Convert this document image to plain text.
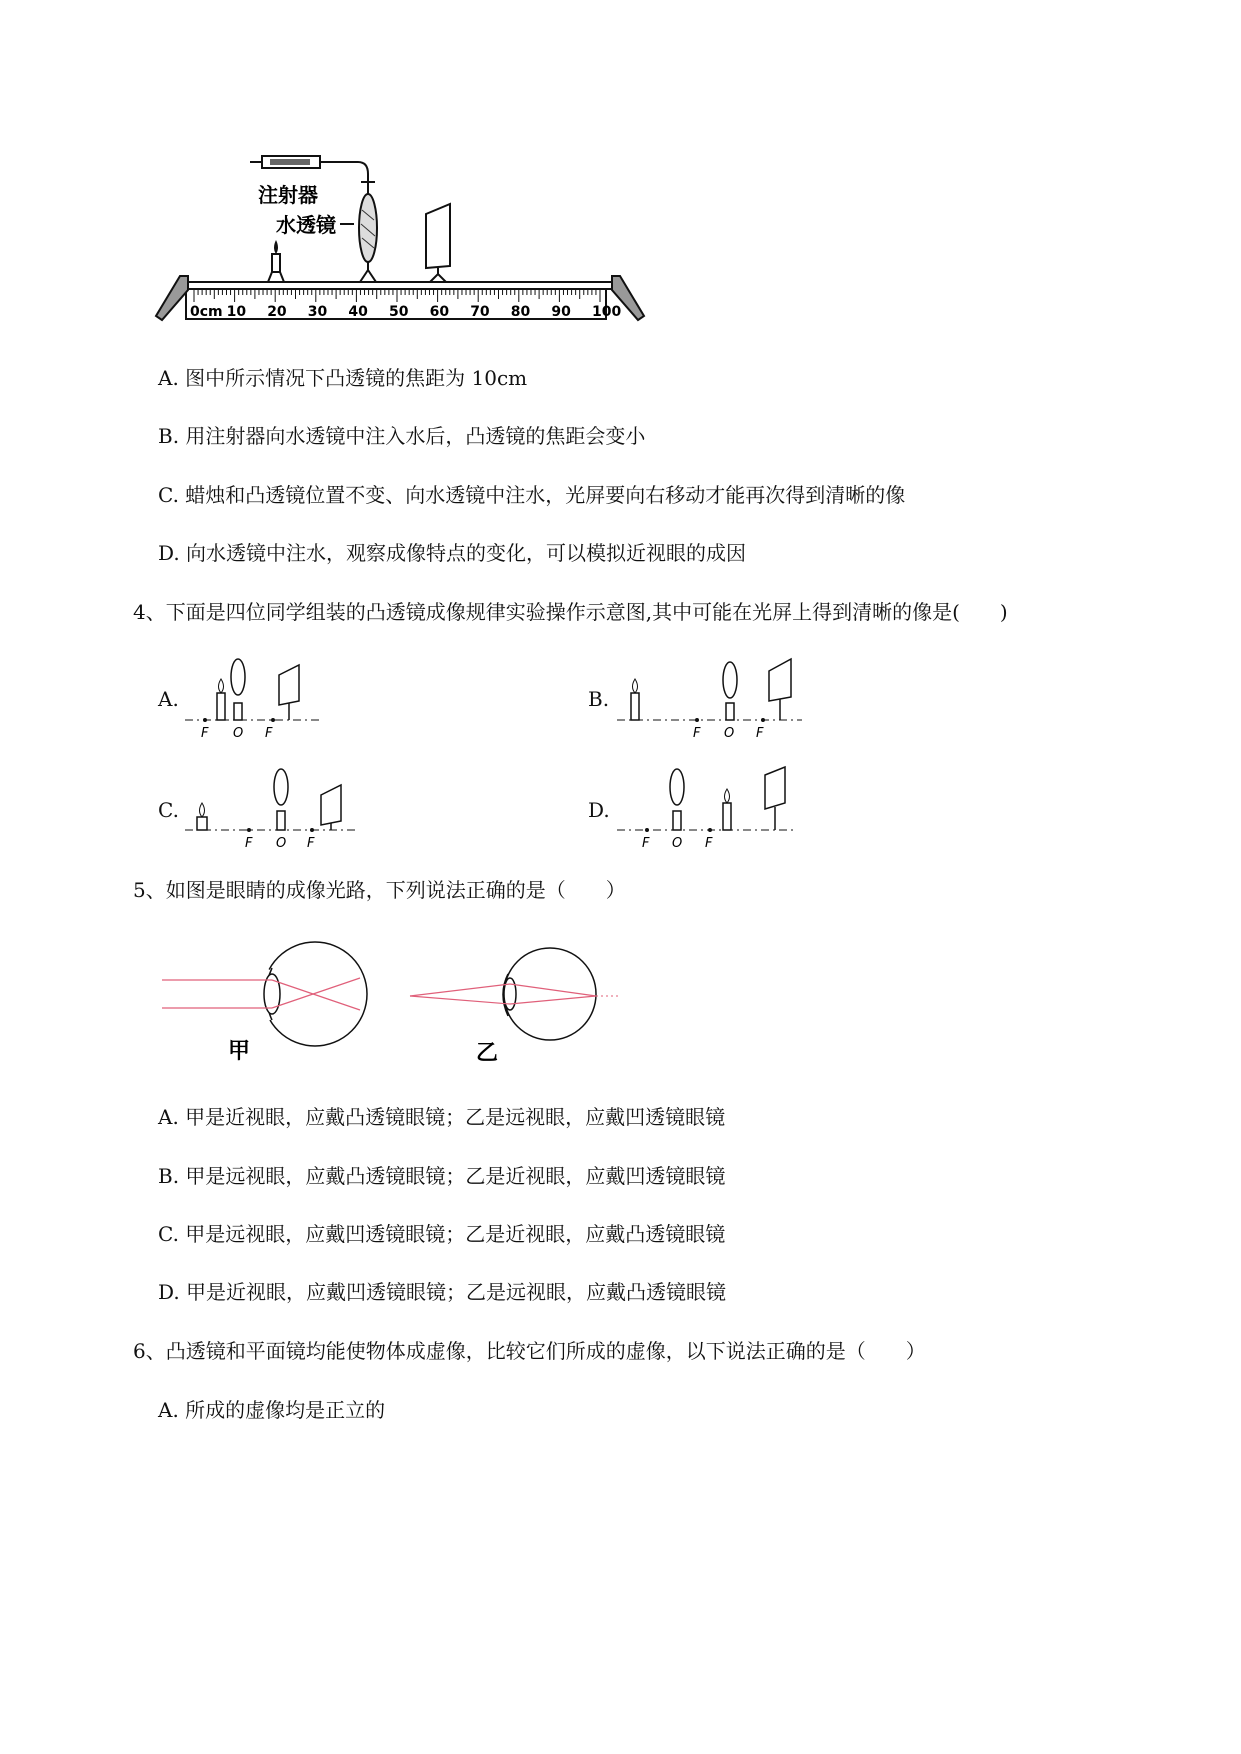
注射器
水透镜
0cm 10 20 30 40 50 60 70 80 90 100
A. 图中所示情况下凸透镜的焦距为 10cm
B. 用注射器向水透镜中注入水后，凸透镜的焦距会变小
C. 蜡烛和凸透镜位置不变、向水透镜中注水，光屏要向右移动才能再次得到清晰的像
D. 向水透镜中注水，观察成像特点的变化，可以模拟近视眼的成因
4、下面是四位同学组装的凸透镜成像规律实验操作示意图,其中可能在光屏上得到清晰的像是(　　)
A.
F O F
B.
F O F
C.
F O F
D.
F O F
5、如图是眼睛的成像光路，下列说法正确的是（　　）
甲	乙
A. 甲是近视眼，应戴凸透镜眼镜；乙是远视眼，应戴凹透镜眼镜
B. 甲是远视眼，应戴凸透镜眼镜；乙是近视眼，应戴凹透镜眼镜
C. 甲是远视眼，应戴凹透镜眼镜；乙是近视眼，应戴凸透镜眼镜
D. 甲是近视眼，应戴凹透镜眼镜；乙是远视眼，应戴凸透镜眼镜
6、凸透镜和平面镜均能使物体成虚像，比较它们所成的虚像，以下说法正确的是（　　）
A. 所成的虚像均是正立的
